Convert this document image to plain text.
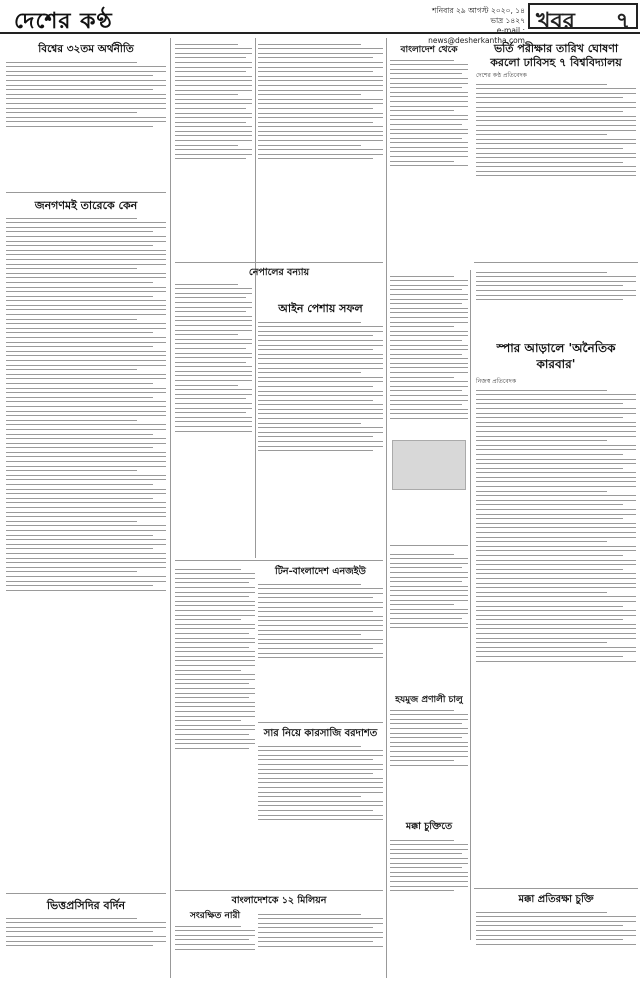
দেশের কণ্ঠ	শনিবার ২৯ আগস্ট ২০২০, ১৪ ভাদ্র ১৪২৭
e-mail : news@desherkantha.com
খবর ৭
বিশ্বের ৩২তম অর্থনীতি
জনগণমই তারেকে কেন
ভিত্তপ্রসিদির বর্দিন
নেপালের বন্যায়
আইন পেশায় সফল
টিন-বাংলাদেশ এনজইউ
সার নিয়ে কারসাজি বরদাশত
বাংলাদেশকে ১২ মিলিয়ন
সংরক্ষিত নারী
বাংলাদেশ থেকে
হযমুজ প্রণালী চালু
মক্কা চুক্তিতে
ভর্তি পরীক্ষার তারিখ ঘোষণা
করলো ঢাবিসহ ৭ বিশ্ববিদ্যালয়
দেশের কণ্ঠ প্রতিবেদক
স্পার আড়ালে 'অনৈতিক
কারবার'
নিজস্ব প্রতিবেদক
মক্কা প্রতিরক্ষা চুক্তি
